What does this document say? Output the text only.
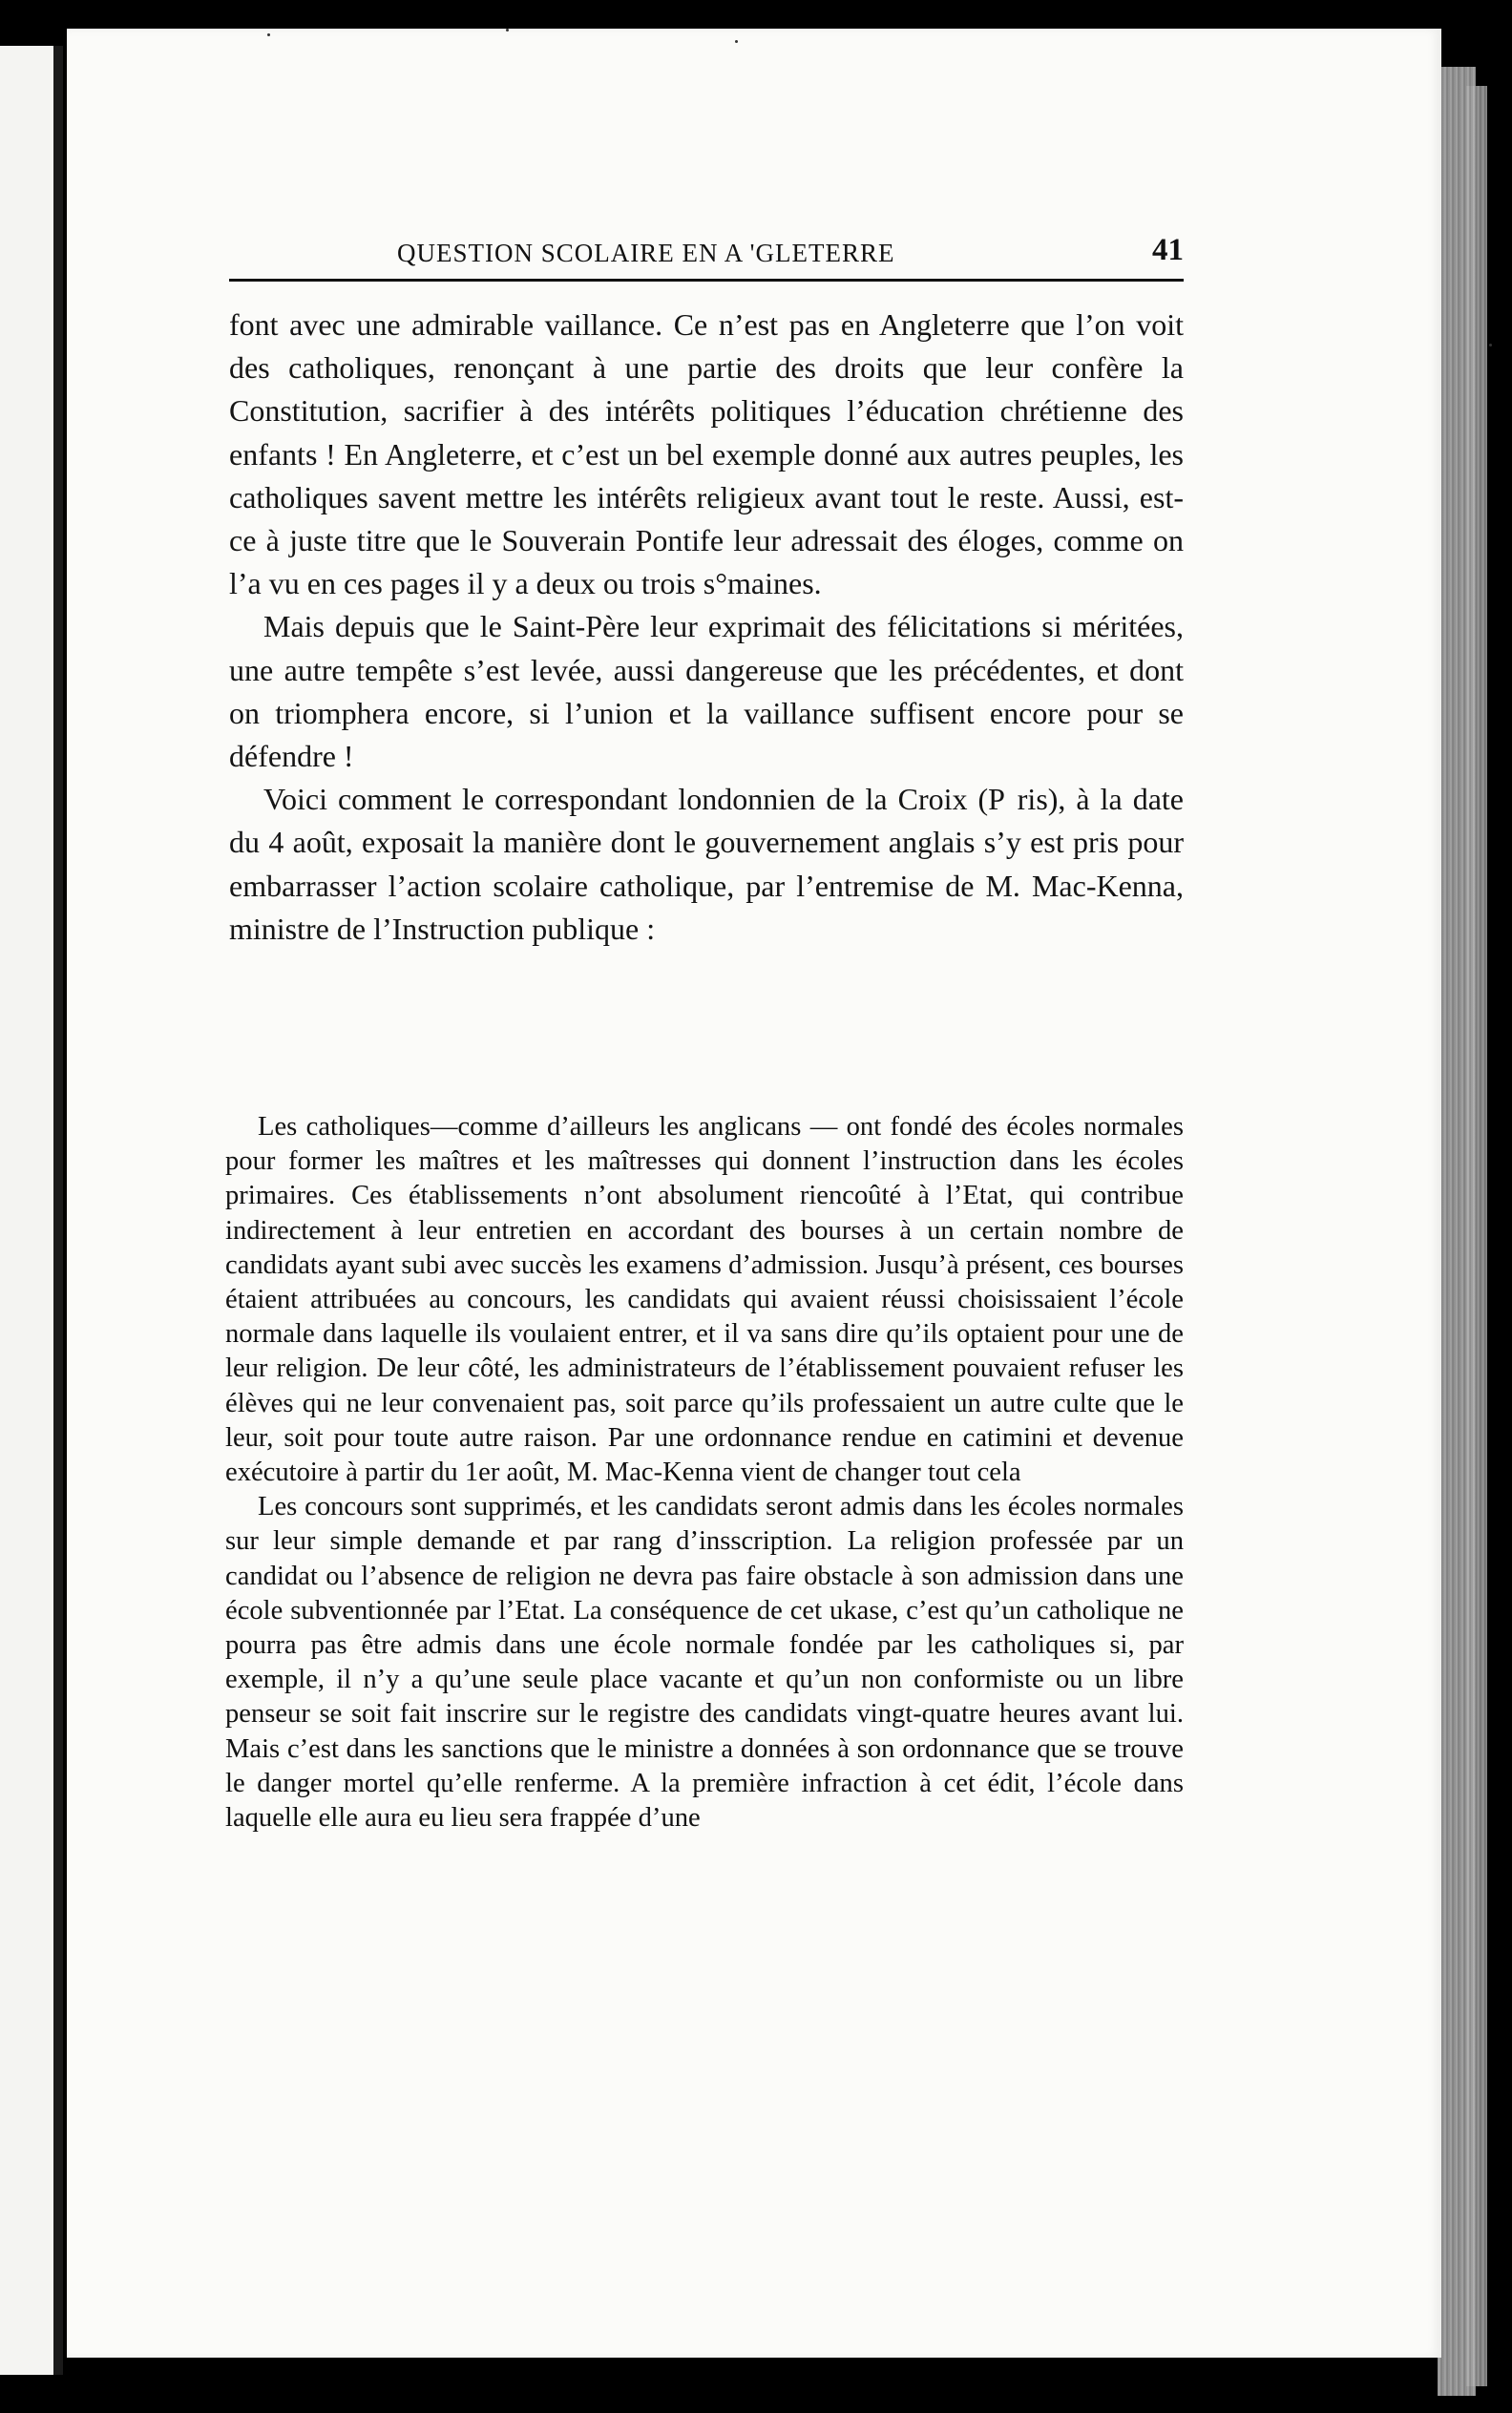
QUESTION SCOLAIRE EN A 'GLETERRE	41

font avec une admirable vaillance. Ce n’est pas en Angleterre que l’on voit des catholiques, renonçant à une partie des droits que leur confère la Constitution, sacrifier à des intérêts politiques l’éducation chrétienne des enfants ! En Angleterre, et c’est un bel exemple donné aux autres peuples, les catholiques savent mettre les intérêts religieux avant tout le reste. Aussi, est-ce à juste titre que le Souverain Pontife leur adressait des éloges, comme on l’a vu en ces pages il y a deux ou trois s°maines.

Mais depuis que le Saint-Père leur exprimait des félicitations si méritées, une autre tempête s’est levée, aussi dangereuse que les précédentes, et dont on triomphera encore, si l’union et la vaillance suffisent encore pour se défendre !

Voici comment le correspondant londonnien de la Croix (P  ris), à la date du 4 août, exposait la manière dont le gouvernement anglais s’y est pris pour embarrasser l’action scolaire catholique, par l’entremise de M. Mac-Kenna, ministre de l’Instruction publique :

Les catholiques—comme d’ailleurs les anglicans — ont fondé des écoles normales pour former les maîtres et les maîtresses qui donnent l’instruction dans les écoles primaires. Ces établissements n’ont absolument riencoûté à l’Etat, qui contribue indirectement à leur entretien en accordant des bourses à un certain nombre de candidats ayant subi avec succès les examens d’admission. Jusqu’à présent, ces bourses étaient attribuées au concours, les candidats qui avaient réussi choisissaient l’école normale dans laquelle ils voulaient entrer, et il va sans dire qu’ils optaient pour une de leur religion. De leur côté, les administrateurs de l’établissement pouvaient refuser les élèves qui ne leur convenaient pas, soit parce qu’ils professaient un autre culte que le leur, soit pour toute autre raison. Par une ordonnance rendue en catimini et devenue exécutoire à partir du 1er août, M. Mac-Kenna vient de changer tout cela

Les concours sont supprimés, et les candidats seront admis dans les écoles normales sur leur simple demande et par rang d’insscription. La religion professée par un candidat ou l’absence de religion ne devra pas faire obstacle à son admission dans une école subventionnée par l’Etat. La conséquence de cet ukase, c’est qu’un catholique ne pourra pas être admis dans une école normale fondée par les catholiques si, par exemple, il n’y a qu’une seule place vacante et qu’un non conformiste ou un libre penseur se soit fait inscrire sur le registre des candidats vingt-quatre heures avant lui. Mais c’est dans les sanctions que le ministre a données à son ordonnance que se trouve le danger mortel qu’elle renferme. A la première infraction à cet édit, l’école dans laquelle elle aura eu lieu sera frappée d’une
